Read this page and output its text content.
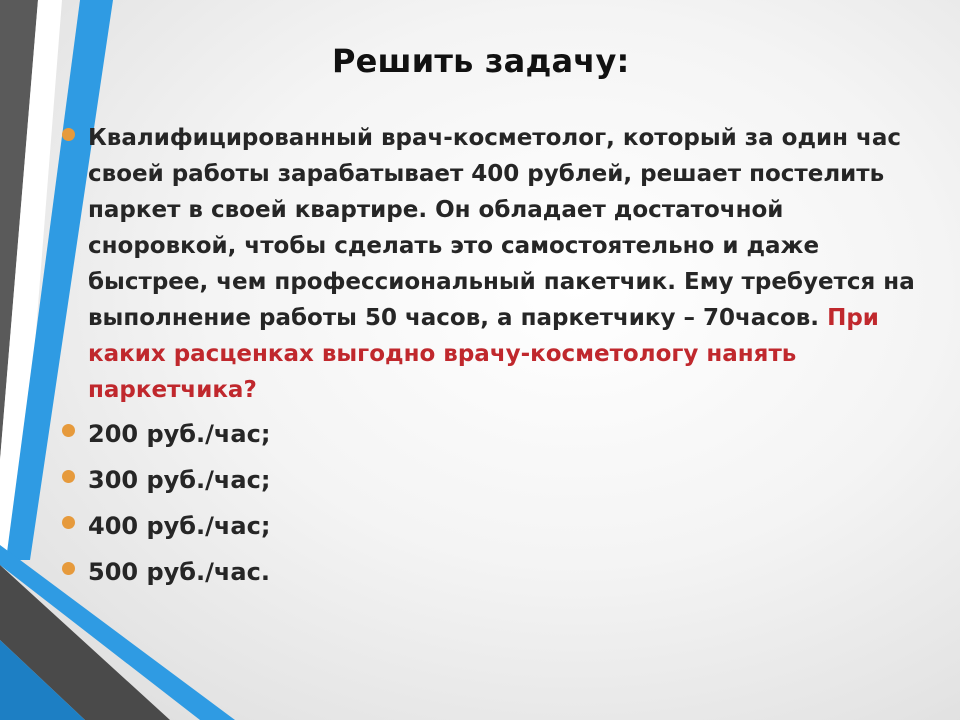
Решить задачу:
Квалифицированный врач-косметолог, который за один час своей работы зарабатывает 400 рублей, решает постелить паркет в своей квартире. Он обладает достаточной сноровкой, чтобы сделать это самостоятельно и даже быстрее, чем профессиональный пакетчик. Ему требуется на выполнение работы 50 часов, а паркетчику – 70часов. При каких расценках выгодно врачу-косметологу нанять паркетчика?
200 руб./час;
300 руб./час;
400 руб./час;
500 руб./час.
